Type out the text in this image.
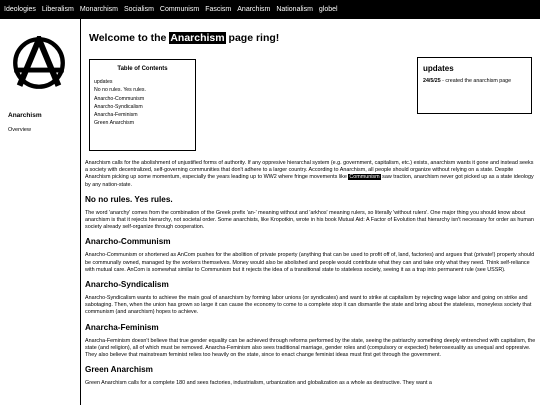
Ideologies Liberalism Monarchism Socialism Communism Fascism Anarchism Nationalism globel
Anarchism
Overview
Welcome to the Anarchism page ring!
Table of Contents
updates
No no rules. Yes rules.
Anarcho-Communism
Anarcho-Syndicalism
Anarcha-Feminism
Green Anarchism
updates
24/5/25 - created the anarchism page

Anarchism calls for the abolishment of unjustified forms of authority. If any oppresive hierarchal system (e.g. government, capitalism, etc.) exists, anarchism wants it gone and instead seeks a society with decentralized, self-governing communities that don't adhere to a larger country. According to Anarchism, all people should organize without relying on a state. Despite Anarchism picking up some momentum, especially the years leading up to WW2 where fringe movements like Communism saw traction, anarchism never got picked up as a state ideology by any nation-state.

No no rules. Yes rules.

The word 'anarchy' comes from the combination of the Greek prefix 'an-' meaning without and 'arkhos' meaning rulers, so literally 'without rulers'. One major thing you should know about anarchism is that it rejects hierarchy, not societal order. Some anarchists, like Kropotkin, wrote in his book Mutual Aid: A Factor of Evolution that hierarchy isn't necessary for order as human society already self-organize through cooperation.

Anarcho-Communism

Anarcho-Communism or shortened as AnCom pushes for the abolition of private property (anything that can be used to profit off of, land, factories) and argues that (private!) property should be communally owned, managed by the workers themselves. Money would also be abolished and people would contribute what they can and take only what they need. Think self-reliance with mutual care. AnCom is somewhat similar to Communism but it rejects the idea of a transitional state to stateless society, seeing it as a trap into permanent rule (see USSR).

Anarcho-Syndicalism

Anarcho-Syndicalism wants to achieve the main goal of anarchism by forming labor unions (or syndicates) and want to strike at capitalism by rejecting wage labor and going on strike and sabotaging. Then, when the union has grown so large it can cause the economy to come to a complete stop it can dismantle the state and bring about the stateless, moneyless society that communism (and anarchism) hopes to achieve.

Anarcha-Feminism

Anarcha-Feminism doesn't believe that true gender equality can be achieved through reforms performed by the state, seeing the patriarchy something deeply entrenched with capitalism, the state (and religion), all of which must be removed. Anarcha-Feminism also sees traditional marriage, gender roles and (compulsory or expected) heterosexuality as unequal and oppresive. They also believe that mainstream feminist relies too heavily on the state, since to enact change feminist ideas must first get through the government.

Green Anarchism

Green Anarchism calls for a complete 180 and sees factories, industrialism, urbanization and globalization as a whole as destructive. They want a
